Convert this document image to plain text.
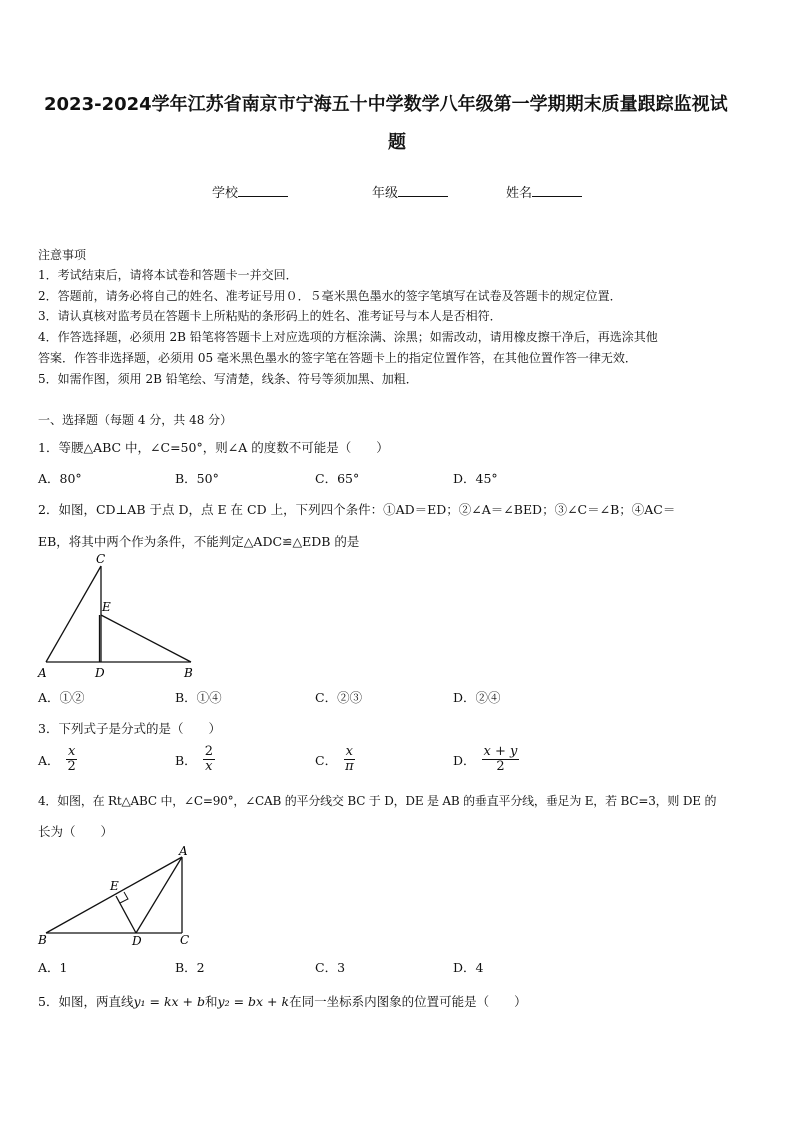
2023-2024学年江苏省南京市宁海五十中学数学八年级第一学期期末质量跟踪监视试
题
学校	年级	姓名
注意事项
1．考试结束后，请将本试卷和答题卡一并交回．
2．答题前，请务必将自己的姓名、准考证号用０．５毫米黑色墨水的签字笔填写在试卷及答题卡的规定位置．
3．请认真核对监考员在答题卡上所粘贴的条形码上的姓名、准考证号与本人是否相符．
4．作答选择题，必须用 2B 铅笔将答题卡上对应选项的方框涂满、涂黑；如需改动，请用橡皮擦干净后，再选涂其他
答案．作答非选择题，必须用 05 毫米黑色墨水的签字笔在答题卡上的指定位置作答，在其他位置作答一律无效．
5．如需作图，须用 2B 铅笔绘、写清楚，线条、符号等须加黑、加粗．
一、选择题（每题 4 分，共 48 分）
1．等腰△ABC 中，∠C=50°，则∠A 的度数不可能是（　　）
A．80°	B．50°	C．65°	D．45°
2．如图，CD⊥AB 于点 D，点 E 在 CD 上，下列四个条件：①AD＝ED；②∠A＝∠BED；③∠C＝∠B；④AC＝
EB，将其中两个作为条件，不能判定△ADC≌△EDB 的是
C
E
A	D	B
A．①②	B．①④	C．②③	D．②④
3．下列式子是分式的是（　　）
A． $\frac{x}{2}$	B． $\frac{2}{x}$	C． $\frac{x}{\pi}$	D． $\frac{x + y}{2}$
4．如图，在 Rt△ABC 中，∠C=90°，∠CAB 的平分线交 BC 于 D，DE 是 AB 的垂直平分线，垂足为 E，若 BC=3，则 DE 的
长为（　　）
A
E
B	D	C
A．1	B．2	C．3	D．4
5．如图，两直线y₁ = kx + b和y₂ = bx + k在同一坐标系内图象的位置可能是（　　）
